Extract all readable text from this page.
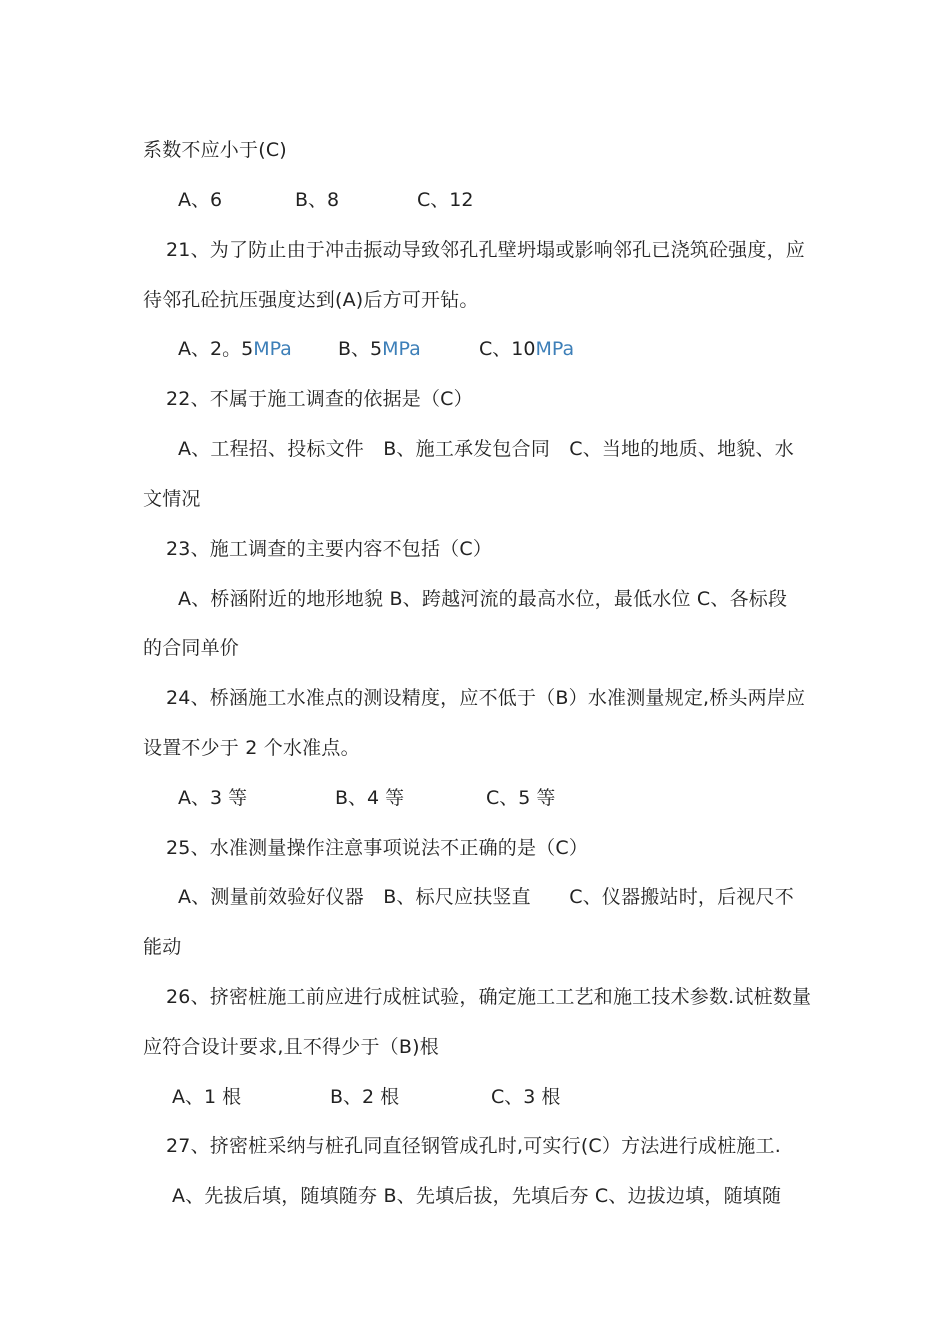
系数不应小于(C)
A、6	B、8	C、12
21、为了防止由于冲击振动导致邻孔孔壁坍塌或影响邻孔已浇筑砼强度，应
待邻孔砼抗压强度达到(A)后方可开钻。
A、2。5MPa B、5MPa	C、10MPa
22、不属于施工调查的依据是（C）
A、工程招、投标文件　B、施工承发包合同　C、当地的地质、地貌、水
文情况
23、施工调查的主要内容不包括（C）
A、桥涵附近的地形地貌 B、跨越河流的最高水位，最低水位 C、各标段
的合同单价
24、桥涵施工水准点的测设精度，应不低于（B）水准测量规定,桥头两岸应
设置不少于 2 个水准点。
A、3 等	B、4 等	C、5 等
25、水准测量操作注意事项说法不正确的是（C）
A、测量前效验好仪器　B、标尺应扶竖直　　C、仪器搬站时，后视尺不
能动
26、挤密桩施工前应进行成桩试验，确定施工工艺和施工技术参数.试桩数量
应符合设计要求,且不得少于（B)根
A、1 根	B、2 根	C、3 根
27、挤密桩采纳与桩孔同直径钢管成孔时,可实行(C）方法进行成桩施工.
A、先拔后填，随填随夯 B、先填后拔，先填后夯 C、边拔边填，随填随
